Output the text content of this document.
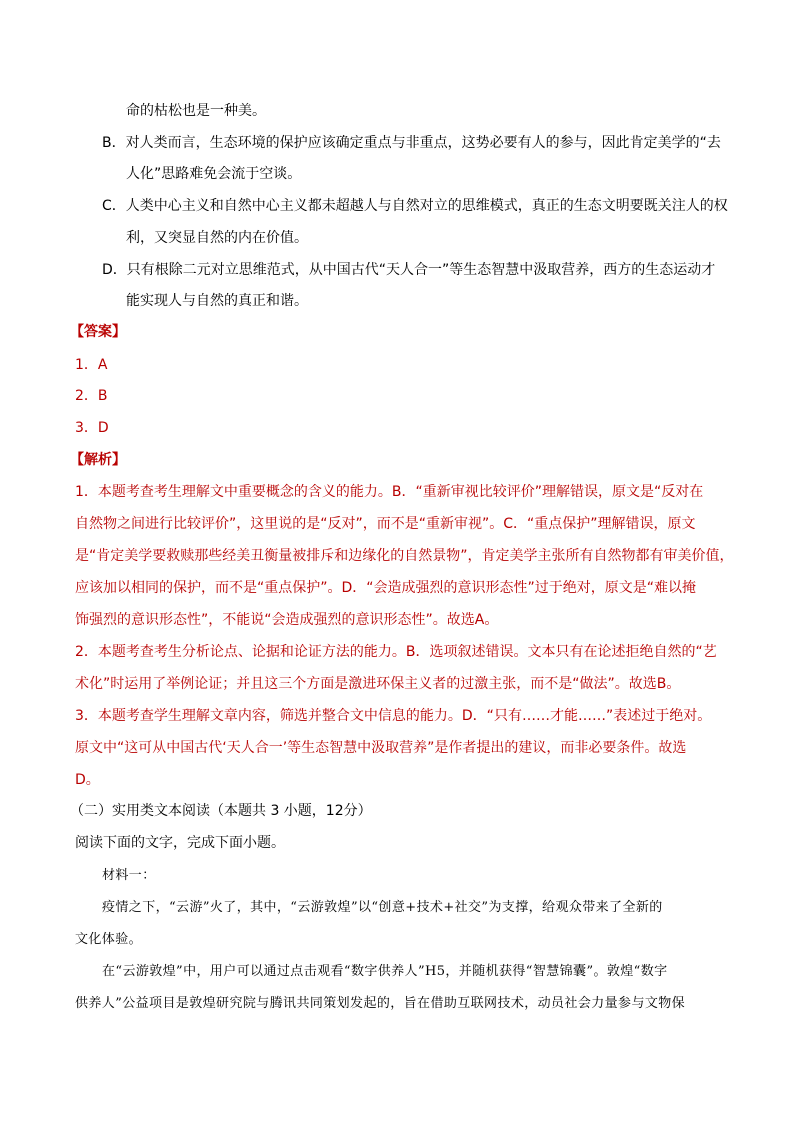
命的枯松也是一种美。

B．对人类而言，生态环境的保护应该确定重点与非重点，这势必要有人的参与，因此肯定美学的“去

人化”思路难免会流于空谈。

C．人类中心主义和自然中心主义都未超越人与自然对立的思维模式，真正的生态文明要既关注人的权

利，又突显自然的内在价值。

D．只有根除二元对立思维范式，从中国古代“天人合一”等生态智慧中汲取营养，西方的生态运动才

能实现人与自然的真正和谐。

【答案】

1．A

2．B

3．D

【解析】

1．本题考查考生理解文中重要概念的含义的能力。B．“重新审视比较评价”理解错误，原文是“反对在

自然物之间进行比较评价”，这里说的是“反对”，而不是“重新审视”。C．“重点保护”理解错误，原文

是“肯定美学要救赎那些经美丑衡量被排斥和边缘化的自然景物”，肯定美学主张所有自然物都有审美价值，

应该加以相同的保护，而不是“重点保护”。D．“会造成强烈的意识形态性”过于绝对，原文是“难以掩

饰强烈的意识形态性”，不能说“会造成强烈的意识形态性”。故选A。

2．本题考查考生分析论点、论据和论证方法的能力。B．选项叙述错误。文本只有在论述拒绝自然的“艺

术化”时运用了举例论证；并且这三个方面是激进环保主义者的过激主张，而不是“做法”。故选B。

3．本题考查学生理解文章内容，筛选并整合文中信息的能力。D．“只有……才能……”表述过于绝对。

原文中“这可从中国古代‘天人合一’等生态智慧中汲取营养”是作者提出的建议，而非必要条件。故选

D。

（二）实用类文本阅读（本题共 3 小题，12分）

阅读下面的文字，完成下面小题。

材料一：

疫情之下，“云游”火了，其中，“云游敦煌”以“创意+技术+社交”为支撑，给观众带来了全新的

文化体验。

在“云游敦煌”中，用户可以通过点击观看“数字供养人”H5，并随机获得“智慧锦囊”。敦煌“数字

供养人”公益项目是敦煌研究院与腾讯共同策划发起的，旨在借助互联网技术，动员社会力量参与文物保
